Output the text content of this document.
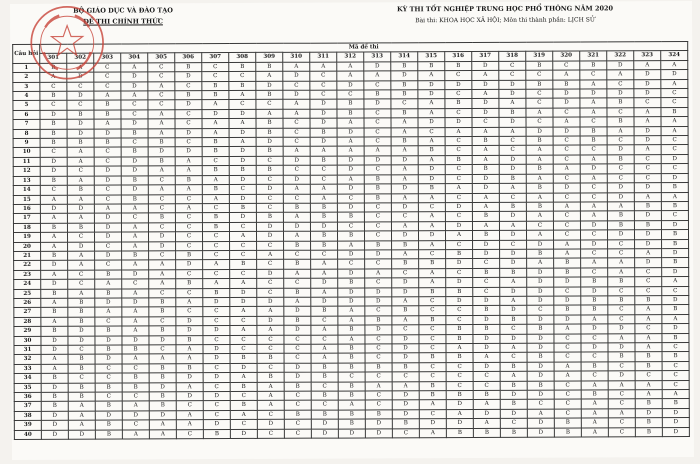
BỘ GIÁO DỤC VÀ ĐÀO TẠO
ĐỀ THI CHÍNH THỨC
KỲ THI TỐT NGHIỆP TRUNG HỌC PHỔ THÔNG NĂM 2020
Bài thi: KHOA HỌC XÃ HỘI; Môn thi thành phần: LỊCH SỬ
Câu hỏi	Mã đề thi																							
	301	302	303	304	305	306	307	308	309	310	311	312	313	314	315	316	317	318	319	320	321	322	323	324
1	B	A	C	A	C	B	C	B	B	A	A	A	D	B	B	B	D	C	B	C	B	D	A	A
2	A	D	C	D	C	D	C	C	A	D	C	A	A	D	A	C	A	C	C	A	C	A	D	D
3	C	C	C	D	A	C	B	B	D	C	C	D	C	B	D	D	D	D	B	B	A	C	D	A
4	B	D	A	A	C	B	B	A	B	D	C	C	B	B	D	C	A	D	C	D	D	D	D	C
5	C	C	B	C	C	D	A	C	C	A	D	B	D	C	A	B	D	A	C	D	A	B	C	C
6	D	B	B	C	A	C	D	D	A	A	D	B	C	B	A	C	D	B	A	C	A	C	A	B
7	B	D	A	D	A	C	A	A	B	C	D	A	C	A	D	D	C	D	C	A	C	B	A	A
8	B	D	D	B	A	D	A	D	B	C	B	D	C	A	C	A	A	A	D	D	B	A	D	A
9	B	B	B	C	B	C	B	A	D	C	D	A	C	B	A	C	B	C	B	C	B	C	D	C
10	C	A	C	B	D	D	B	D	B	A	A	A	A	A	B	C	A	C	A	C	C	D	A	C
11	D	A	C	D	B	A	C	D	C	D	B	D	D	D	A	B	A	D	A	C	A	B	C	D
12	D	C	D	D	A	A	B	B	B	C	C	D	C	A	D	C	B	D	B	A	D	C	C	C
13	B	A	D	B	C	B	A	D	C	D	C	A	B	A	D	C	D	B	A	C	A	C	C	D
14	C	B	C	D	A	A	B	C	D	A	A	D	B	D	B	A	D	A	B	D	C	D	D	B
15	A	A	C	B	C	C	A	D	C	C	A	C	B	A	A	C	A	C	A	C	C	D	A	A
16	D	D	A	A	C	A	C	B	C	B	B	D	C	D	C	D	A	B	B	A	A	A	B	B
17	A	A	D	C	B	C	B	D	B	A	B	B	C	C	A	C	B	D	A	C	A	B	D	C
18	B	B	D	A	C	C	B	C	D	D	D	C	C	A	A	D	A	A	C	C	D	B	B	D
19	A	C	D	A	D	C	C	A	D	A	B	B	C	D	D	A	B	D	A	C	C	D	D	B
20	A	D	C	A	D	C	C	C	C	B	B	A	B	B	A	C	D	C	D	A	D	C	D	B
21	B	A	D	B	C	B	C	C	A	C	C	D	D	A	C	B	D	D	B	A	C	C	A	D
22	D	A	C	A	A	D	A	B	C	B	A	C	C	B	B	D	C	D	A	B	A	A	D	B
23	A	C	B	D	A	C	C	C	D	A	A	D	A	C	A	C	B	B	D	B	C	A	C	D
24	D	C	A	C	A	B	A	A	C	C	D	B	C	D	A	D	C	A	D	D	B	B	C	A
25	B	A	B	A	C	C	B	D	C	B	A	D	D	D	B	B	C	D	D	C	D	C	C	C
26	A	B	D	D	B	A	D	D	D	A	D	D	D	A	C	D	D	A	D	D	B	B	B	D
27	B	B	A	A	B	C	C	A	A	D	B	A	C	B	C	C	B	D	C	B	B	C	A	B
28	A	B	C	A	C	D	C	C	D	B	C	A	B	A	B	C	D	B	D	D	A	C	A	A
29	B	D	B	A	B	D	D	A	A	D	A	B	D	C	C	B	B	C	B	A	D	D	C	D
30	D	D	D	D	D	B	C	C	C	C	C	A	C	D	C	B	D	D	D	C	C	A	A	B
31	D	C	B	B	C	A	D	C	C	C	A	B	C	D	C	A	D	A	D	C	D	D	A	C
32	A	B	D	A	A	A	D	B	B	C	A	B	C	D	B	B	A	C	B	C	C	B	B	B
33	A	B	C	C	B	B	C	D	C	D	B	B	B	B	C	C	D	B	D	A	B	C	B	C
34	B	C	C	B	B	D	D	A	B	D	B	C	C	C	C	C	C	A	D	A	C	D	C	C
35	D	B	B	B	D	A	C	B	A	B	C	B	A	A	B	C	C	B	B	C	A	A	A	C
36	B	B	C	C	B	D	D	C	A	C	B	B	C	D	B	B	B	D	D	C	B	C	A	A
37	B	A	B	A	B	C	C	B	A	C	C	A	C	D	A	D	A	B	C	C	A	C	B	B
38	D	A	D	D	D	A	C	A	C	B	B	B	B	D	C	A	D	D	A	C	A	A	D	D
39	D	A	B	C	A	A	D	C	D	C	D	B	D	B	D	D	A	C	D	B	A	C	B	D
40	D	D	B	A	A	C	B	D	C	C	D	D	D	C	A	B	B	B	D	B	A	C	B	D
